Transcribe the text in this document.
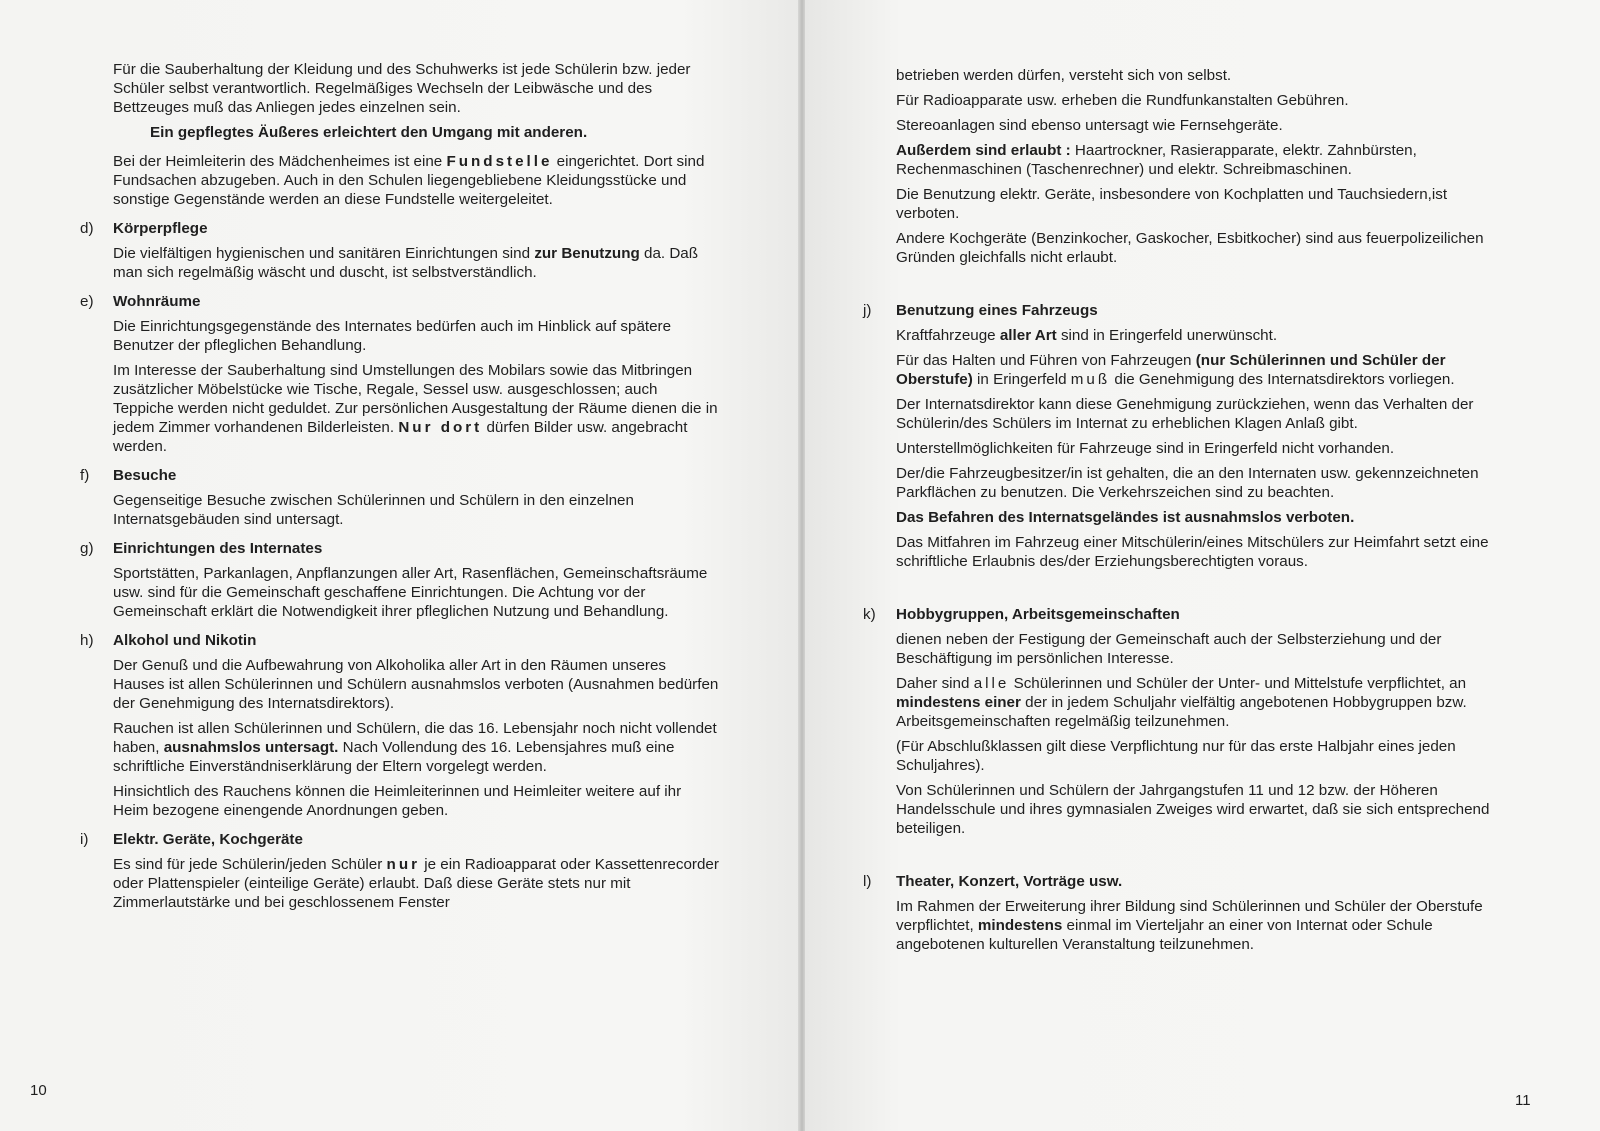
Für die Sauberhaltung der Kleidung und des Schuhwerks ist jede Schülerin bzw. jeder Schüler selbst verantwortlich. Regelmäßiges Wechseln der Leibwäsche und des Bettzeuges muß das Anliegen jedes einzelnen sein.

Ein gepflegtes Äußeres erleichtert den Umgang mit anderen.

Bei der Heimleiterin des Mädchenheimes ist eine Fundstelle eingerichtet. Dort sind Fundsachen abzugeben. Auch in den Schulen liegengebliebene Kleidungsstücke und sonstige Gegenstände werden an diese Fundstelle weitergeleitet.

d)	Körperpflege

Die vielfältigen hygienischen und sanitären Einrichtungen sind zur Benutzung da. Daß man sich regelmäßig wäscht und duscht, ist selbstverständlich.

e)	Wohnräume

Die Einrichtungsgegenstände des Internates bedürfen auch im Hinblick auf spätere Benutzer der pfleglichen Behandlung.

Im Interesse der Sauberhaltung sind Umstellungen des Mobilars sowie das Mitbringen zusätzlicher Möbelstücke wie Tische, Regale, Sessel usw. ausgeschlossen; auch Teppiche werden nicht geduldet. Zur persönlichen Ausgestaltung der Räume dienen die in jedem Zimmer vorhandenen Bilderleisten. Nur dort dürfen Bilder usw. angebracht werden.

f)	Besuche

Gegenseitige Besuche zwischen Schülerinnen und Schülern in den einzelnen Internatsgebäuden sind untersagt.

g)	Einrichtungen des Internates

Sportstätten, Parkanlagen, Anpflanzungen aller Art, Rasenflächen, Gemeinschaftsräume usw. sind für die Gemeinschaft geschaffene Einrichtungen. Die Achtung vor der Gemeinschaft erklärt die Notwendigkeit ihrer pfleglichen Nutzung und Behandlung.

h)	Alkohol und Nikotin

Der Genuß und die Aufbewahrung von Alkoholika aller Art in den Räumen unseres Hauses ist allen Schülerinnen und Schülern ausnahmslos verboten (Ausnahmen bedürfen der Genehmigung des Internatsdirektors).

Rauchen ist allen Schülerinnen und Schülern, die das 16. Lebensjahr noch nicht vollendet haben, ausnahmslos untersagt. Nach Vollendung des 16. Lebensjahres muß eine schriftliche Einverständniserklärung der Eltern vorgelegt werden.

Hinsichtlich des Rauchens können die Heimleiterinnen und Heimleiter weitere auf ihr Heim bezogene einengende Anordnungen geben.

i)	Elektr. Geräte, Kochgeräte

Es sind für jede Schülerin/jeden Schüler nur je ein Radioapparat oder Kassettenrecorder oder Plattenspieler (einteilige Geräte) erlaubt. Daß diese Geräte stets nur mit Zimmerlautstärke und bei geschlossenem Fenster

10

betrieben werden dürfen, versteht sich von selbst.

Für Radioapparate usw. erheben die Rundfunkanstalten Gebühren.

Stereoanlagen sind ebenso untersagt wie Fernsehgeräte.

Außerdem sind erlaubt : Haartrockner, Rasierapparate, elektr. Zahnbürsten, Rechenmaschinen (Taschenrechner) und elektr. Schreibmaschinen.

Die Benutzung elektr. Geräte, insbesondere von Kochplatten und Tauchsiedern,ist verboten.

Andere Kochgeräte (Benzinkocher, Gaskocher, Esbitkocher) sind aus feuerpolizeilichen Gründen gleichfalls nicht erlaubt.

j)	Benutzung eines Fahrzeugs

Kraftfahrzeuge aller Art sind in Eringerfeld unerwünscht.

Für das Halten und Führen von Fahrzeugen (nur Schülerinnen und Schüler der Oberstufe) in Eringerfeld muß die Genehmigung des Internatsdirektors vorliegen.

Der Internatsdirektor kann diese Genehmigung zurückziehen, wenn das Verhalten der Schülerin/des Schülers im Internat zu erheblichen Klagen Anlaß gibt.

Unterstellmöglichkeiten für Fahrzeuge sind in Eringerfeld nicht vorhanden.

Der/die Fahrzeugbesitzer/in ist gehalten, die an den Internaten usw. gekennzeichneten Parkflächen zu benutzen. Die Verkehrszeichen sind zu beachten.

Das Befahren des Internatsgeländes ist ausnahmslos verboten.

Das Mitfahren im Fahrzeug einer Mitschülerin/eines Mitschülers zur Heimfahrt setzt eine schriftliche Erlaubnis des/der Erziehungsberechtigten voraus.

k)	Hobbygruppen, Arbeitsgemeinschaften

dienen neben der Festigung der Gemeinschaft auch der Selbsterziehung und der Beschäftigung im persönlichen Interesse.

Daher sind alle Schülerinnen und Schüler der Unter- und Mittelstufe verpflichtet, an mindestens einer der in jedem Schuljahr vielfältig angebotenen Hobbygruppen bzw. Arbeitsgemeinschaften regelmäßig teilzunehmen.

(Für Abschlußklassen gilt diese Verpflichtung nur für das erste Halbjahr eines jeden Schuljahres).

Von Schülerinnen und Schülern der Jahrgangstufen 11 und 12 bzw. der Höheren Handelsschule und ihres gymnasialen Zweiges wird erwartet, daß sie sich entsprechend beteiligen.

l)	Theater, Konzert, Vorträge usw.

Im Rahmen der Erweiterung ihrer Bildung sind Schülerinnen und Schüler der Oberstufe verpflichtet, mindestens einmal im Vierteljahr an einer von Internat oder Schule angebotenen kulturellen Veranstaltung teilzunehmen.

11
